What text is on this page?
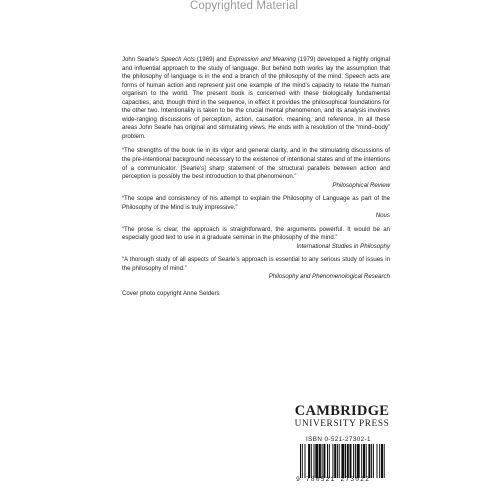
Copyrighted Material

John Searle's Speech Acts (1969) and Expression and Meaning (1979) developed a highly original and influential approach to the study of language. But behind both works lay the assumption that the philosophy of language is in the end a branch of the philosophy of the mind: Speech acts are forms of human action and represent just one example of the mind's capacity to relate the human organism to the world. The present book is concerned with these biologically fundamental capacities, and, though third in the sequence, in effect it provides the philosophical foundations for the other two. Intentionality is taken to be the crucial mental phenomenon, and its analysis involves wide-ranging discussions of perception, action, causation, meaning, and reference. In all these areas John Searle has original and stimulating views. He ends with a resolution of the “mind–body” problem.

“The strengths of the book lie in its vigor and general clarity, and in the stimulating discussions of the pre-intentional background necessary to the existence of intentional states and of the intentions of a communicator. [Searle's] sharp statement of the structural parallels between action and perception is possibly the best introduction to that phenomenon.”

Philosophical Review

“The scope and consistency of his attempt to explain the Philosophy of Language as part of the Philosophy of the Mind is truly impressive.”

Nous

“The prose is clear, the approach is straightforward, the arguments powerful. It would be an especially good text to use in a graduate seminar in the philosophy of the mind.”

International Studies in Philosophy

“A thorough study of all aspects of Searle's approach is essential to any serious study of issues in the philosophy of mind.”

Philosophy and Phenomenological Research

Cover photo copyright Anne Selders

CAMBRIDGE

UNIVERSITY PRESS

ISBN 0-521-27302-1
9 780521 273022
